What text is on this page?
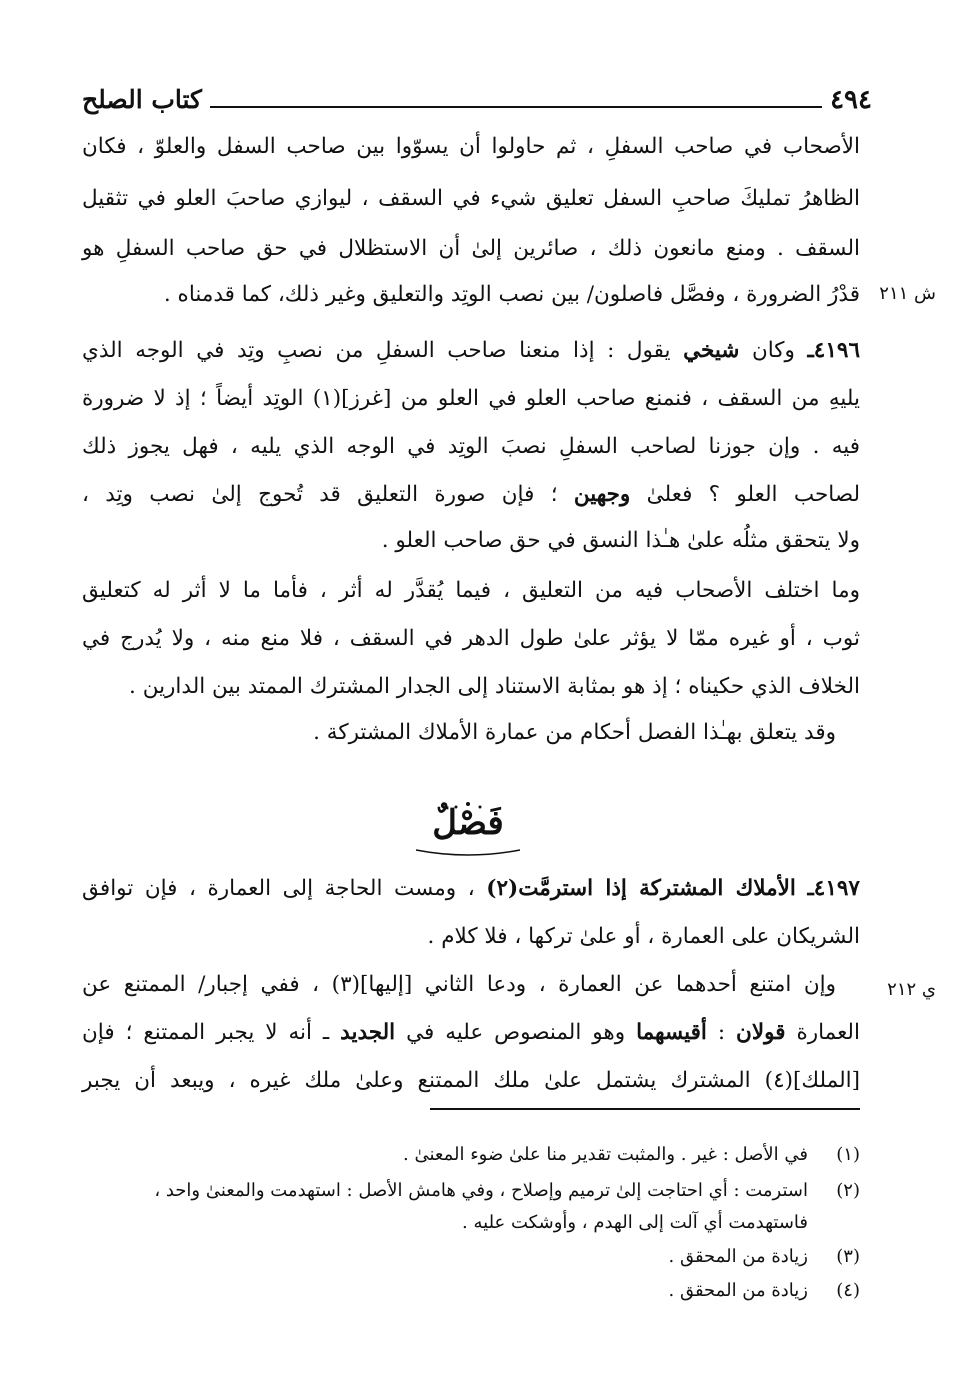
٤٩٤
كتاب الصلح
الأصحاب في صاحب السفلِ ، ثم حاولوا أن يسوّوا بين صاحب السفل والعلوّ ، فكان
الظاهرُ تمليكَ صاحبِ السفل تعليق شيء في السقف ، ليوازي صاحبَ العلو في تثقيل
السقف . ومنع مانعون ذلك ، صائرين إلىٰ أن الاستظلال في حق صاحب السفلِ هو
قدْرُ الضرورة ، وفصَّل فاصلون/ بين نصب الوتِد والتعليق وغير ذلك، كما قدمناه . ش ٢١١
٤١٩٦ـ وكان شيخي يقول : إذا منعنا صاحب السفلِ من نصبِ وتِد في الوجه الذي
يليهِ من السقف ، فنمنع صاحب العلو في العلو من [غرز](١) الوتِد أيضاً ؛ إذ لا ضرورة
فيه . وإن جوزنا لصاحب السفلِ نصبَ الوتِد في الوجه الذي يليه ، فهل يجوز ذلك
لصاحب العلو ؟ فعلىٰ وجهين ؛ فإن صورة التعليق قد تُحوج إلىٰ نصب وتِد ،
ولا يتحقق مثلُه علىٰ هـٰذا النسق في حق صاحب العلو .
وما اختلف الأصحاب فيه من التعليق ، فيما يُقدَّر له أثر ، فأما ما لا أثر له كتعليق
ثوب ، أو غيره ممّا لا يؤثر علىٰ طول الدهر في السقف ، فلا منع منه ، ولا يُدرج في
الخلاف الذي حكيناه ؛ إذ هو بمثابة الاستناد إلى الجدار المشترك الممتد بين الدارين .
وقد يتعلق بهـٰذا الفصل أحكام من عمارة الأملاك المشتركة .
فَصْلٌ
٤١٩٧ـ الأملاك المشتركة إذا استرمَّت(٢) ، ومست الحاجة إلى العمارة ، فإن توافق
الشريكان على العمارة ، أو علىٰ تركها ، فلا كلام .
وإن امتنع أحدهما عن العمارة ، ودعا الثاني [إليها](٣) ، ففي إجبار/ الممتنع عن	ي ٢١٢
العمارة قولان : أقيسهما وهو المنصوص عليه في الجديد ـ أنه لا يجبر الممتنع ؛ فإن
[الملك](٤) المشترك يشتمل علىٰ ملك الممتنع وعلىٰ ملك غيره ، ويبعد أن يجبر
(١)في الأصل : غير . والمثبت تقدير منا علىٰ ضوء المعنىٰ .
(٢)استرمت : أي احتاجت إلىٰ ترميم وإصلاح ، وفي هامش الأصل : استهدمت والمعنىٰ واحد ،
فاستهدمت أي آلت إلى الهدم ، وأوشكت عليه .
(٣)زيادة من المحقق .
(٤)زيادة من المحقق .
